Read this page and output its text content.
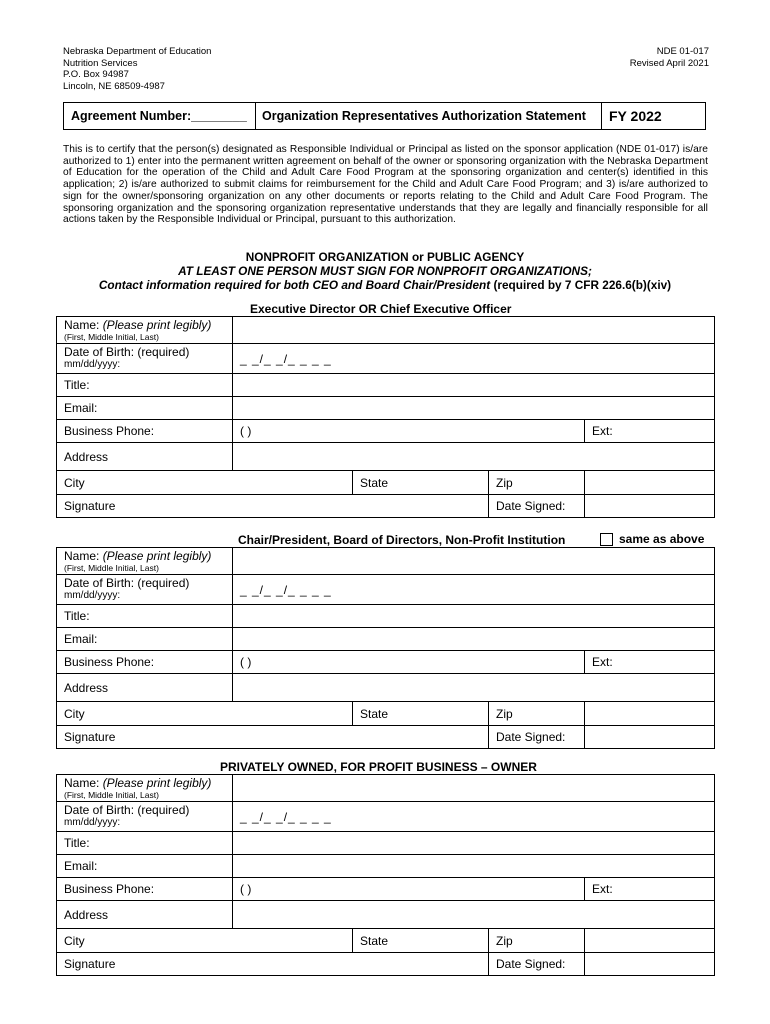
Nebraska Department of Education
Nutrition Services
P.O. Box 94987
Lincoln, NE 68509-4987
NDE 01-017
Revised April 2021
Agreement Number:________	Organization Representatives Authorization Statement	FY 2022
This is to certify that the person(s) designated as Responsible Individual or Principal as listed on the sponsor application (NDE 01-017) is/are authorized to 1) enter into the permanent written agreement on behalf of the owner or sponsoring organization with the Nebraska Department of Education for the operation of the Child and Adult Care Food Program at the sponsoring organization and center(s) identified in this application; 2) is/are authorized to submit claims for reimbursement for the Child and Adult Care Food Program; and 3) is/are authorized to sign for the owner/sponsoring organization on any other documents or reports relating to the Child and Adult Care Food Program. The sponsoring organization and the sponsoring organization representative understands that they are legally and financially responsible for all actions taken by the Responsible Individual or Principal, pursuant to this authorization.
NONPROFIT ORGANIZATION or PUBLIC AGENCY
AT LEAST ONE PERSON MUST SIGN FOR NONPROFIT ORGANIZATIONS;
Contact information required for both CEO and Board Chair/President (required by 7 CFR 226.6(b)(xiv)
Executive Director OR Chief Executive Officer
Name: (Please print legibly)
(First, Middle Initial, Last)				

Date of Birth: (required)
mm/dd/yyyy:	_ _/_ _/_ _ _ _			
Title:				
Email:				
Business Phone:	( )			Ext:
Address				
City		State	Zip	
Signature			Date Signed:	
Chair/President, Board of Directors, Non-Profit Institution	same as above
Name: (Please print legibly)
(First, Middle Initial, Last)				

Date of Birth: (required)
mm/dd/yyyy:	_ _/_ _/_ _ _ _			
Title:				
Email:				
Business Phone:	( )			Ext:
Address				
City		State	Zip	
Signature			Date Signed:	
PRIVATELY OWNED, FOR PROFIT BUSINESS – OWNER
Name: (Please print legibly)
(First, Middle Initial, Last)				

Date of Birth: (required)
mm/dd/yyyy:	_ _/_ _/_ _ _ _			
Title:				
Email:				
Business Phone:	( )			Ext:
Address				
City		State	Zip	
Signature			Date Signed:	
